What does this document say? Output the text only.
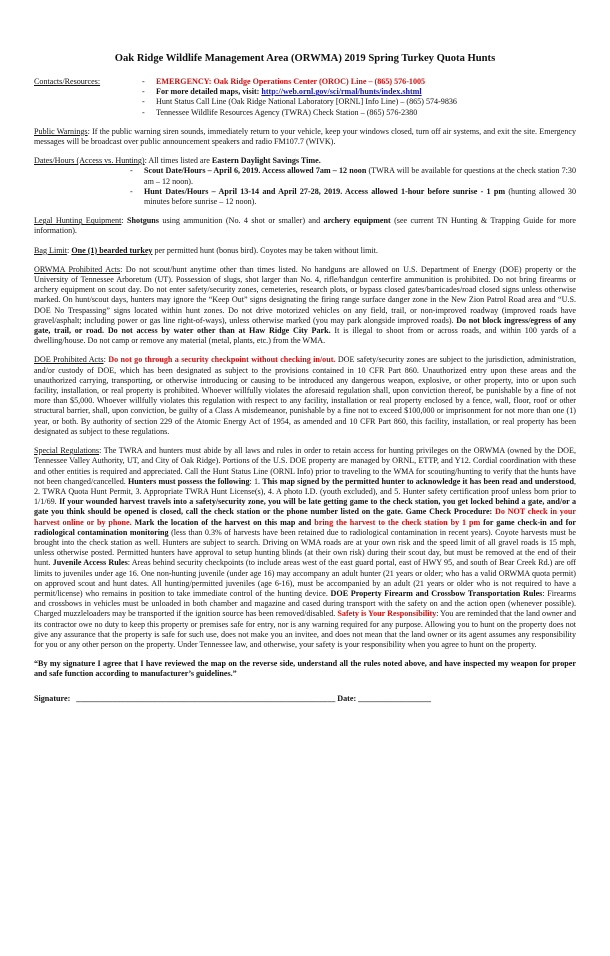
Oak Ridge Wildlife Management Area (ORWMA) 2019 Spring Turkey Quota Hunts
Contacts/Resources:	-	EMERGENCY: Oak Ridge Operations Center (OROC) Line – (865) 576-1005
-	For more detailed maps, visit: http://web.ornl.gov/sci/rmal/hunts/index.shtml
-	Hunt Status Call Line (Oak Ridge National Laboratory [ORNL] Info Line) – (865) 574-9836
-	Tennessee Wildlife Resources Agency (TWRA) Check Station – (865) 576-2380
Public Warnings: If the public warning siren sounds, immediately return to your vehicle, keep your windows closed, turn off air systems, and exit the site. Emergency messages will be broadcast over public announcement speakers and radio FM107.7 (WIVK).
Dates/Hours (Access vs. Hunting): All times listed are Eastern Daylight Savings Time.
-	Scout Date/Hours – April 6, 2019. Access allowed 7am – 12 noon (TWRA will be available for questions at the check station 7:30 am – 12 noon).
-	Hunt Dates/Hours – April 13-14 and April 27-28, 2019. Access allowed 1-hour before sunrise - 1 pm (hunting allowed 30 minutes before sunrise – 12 noon).
Legal Hunting Equipment: Shotguns using ammunition (No. 4 shot or smaller) and archery equipment (see current TN Hunting & Trapping Guide for more information).
Bag Limit: One (1) bearded turkey per permitted hunt (bonus bird). Coyotes may be taken without limit.
ORWMA Prohibited Acts: Do not scout/hunt anytime other than times listed. No handguns are allowed on U.S. Department of Energy (DOE) property or the University of Tennessee Arboretum (UT). Possession of slugs, shot larger than No. 4, rifle/handgun centerfire ammunition is prohibited. Do not bring firearms or archery equipment on scout day. Do not enter safety/security zones, cemeteries, research plots, or bypass closed gates/barricades/road closed signs unless otherwise marked. On hunt/scout days, hunters may ignore the “Keep Out” signs designating the firing range surface danger zone in the New Zion Patrol Road area and “U.S. DOE No Trespassing” signs located within hunt zones. Do not drive motorized vehicles on any field, trail, or non-improved roadway (improved roads have gravel/asphalt; including power or gas line right-of-ways), unless otherwise marked (you may park alongside improved roads). Do not block ingress/egress of any gate, trail, or road. Do not access by water other than at Haw Ridge City Park. It is illegal to shoot from or across roads, and within 100 yards of a dwelling/house. Do not camp or remove any material (metal, plants, etc.) from the WMA.
DOE Prohibited Acts: Do not go through a security checkpoint without checking in/out. DOE safety/security zones are subject to the jurisdiction, administration, and/or custody of DOE, which has been designated as subject to the provisions contained in 10 CFR Part 860. Unauthorized entry upon these areas and the unauthorized carrying, transporting, or otherwise introducing or causing to be introduced any dangerous weapon, explosive, or other property, into or upon such facility, installation, or real property is prohibited. Whoever willfully violates the aforesaid regulation shall, upon conviction thereof, be punishable by a fine of not more than $5,000. Whoever willfully violates this regulation with respect to any facility, installation or real property enclosed by a fence, wall, floor, roof or other structural barrier, shall, upon conviction, be guilty of a Class A misdemeanor, punishable by a fine not to exceed $100,000 or imprisonment for not more than one (1) year, or both. By authority of section 229 of the Atomic Energy Act of 1954, as amended and 10 CFR Part 860, this facility, installation, or real property has been designated as subject to these regulations.
Special Regulations: The TWRA and hunters must abide by all laws and rules in order to retain access for hunting privileges on the ORWMA (owned by the DOE, Tennessee Valley Authority, UT, and City of Oak Ridge). Portions of the U.S. DOE property are managed by ORNL, ETTP, and Y12. Cordial coordination with these and other entities is required and appreciated. Call the Hunt Status Line (ORNL Info) prior to traveling to the WMA for scouting/hunting to verify that the hunts have not been changed/cancelled. Hunters must possess the following: 1. This map signed by the permitted hunter to acknowledge it has been read and understood, 2. TWRA Quota Hunt Permit, 3. Appropriate TWRA Hunt License(s), 4. A photo I.D. (youth excluded), and 5. Hunter safety certification proof unless born prior to 1/1/69. If your wounded harvest travels into a safety/security zone, you will be late getting game to the check station, you get locked behind a gate, and/or a gate you think should be opened is closed, call the check station or the phone number listed on the gate. Game Check Procedure: Do NOT check in your harvest online or by phone. Mark the location of the harvest on this map and bring the harvest to the check station by 1 pm for game check-in and for radiological contamination monitoring (less than 0.3% of harvests have been retained due to radiological contamination in recent years). Coyote harvests must be brought into the check station as well. Hunters are subject to search. Driving on WMA roads are at your own risk and the speed limit of all gravel roads is 15 mph, unless otherwise posted. Permitted hunters have approval to setup hunting blinds (at their own risk) during their scout day, but must be removed at the end of their hunt. Juvenile Access Rules: Areas behind security checkpoints (to include areas west of the east guard portal, east of HWY 95, and south of Bear Creek Rd.) are off limits to juveniles under age 16. One non-hunting juvenile (under age 16) may accompany an adult hunter (21 years or older; who has a valid ORWMA quota permit) on approved scout and hunt dates. All hunting/permitted juveniles (age 6-16), must be accompanied by an adult (21 years or older who is not required to have a permit/license) who remains in position to take immediate control of the hunting device. DOE Property Firearm and Crossbow Transportation Rules: Firearms and crossbows in vehicles must be unloaded in both chamber and magazine and cased during transport with the safety on and the action open (whenever possible). Charged muzzleloaders may be transported if the ignition source has been removed/disabled. Safety is Your Responsibility: You are reminded that the land owner and its contractor owe no duty to keep this property or premises safe for entry, nor is any warning required for any purpose. Allowing you to hunt on the property does not give any assurance that the property is safe for such use, does not make you an invitee, and does not mean that the land owner or its agent assumes any responsibility for you or any other person on the property. Under Tennessee law, and otherwise, your safety is your responsibility when you agree to hunt on the property.
“By my signature I agree that I have reviewed the map on the reverse side, understand all the rules noted above, and have inspected my weapon for proper and safe function according to manufacturer’s guidelines.”
Signature: ________________________________________________________________ Date: __________________
